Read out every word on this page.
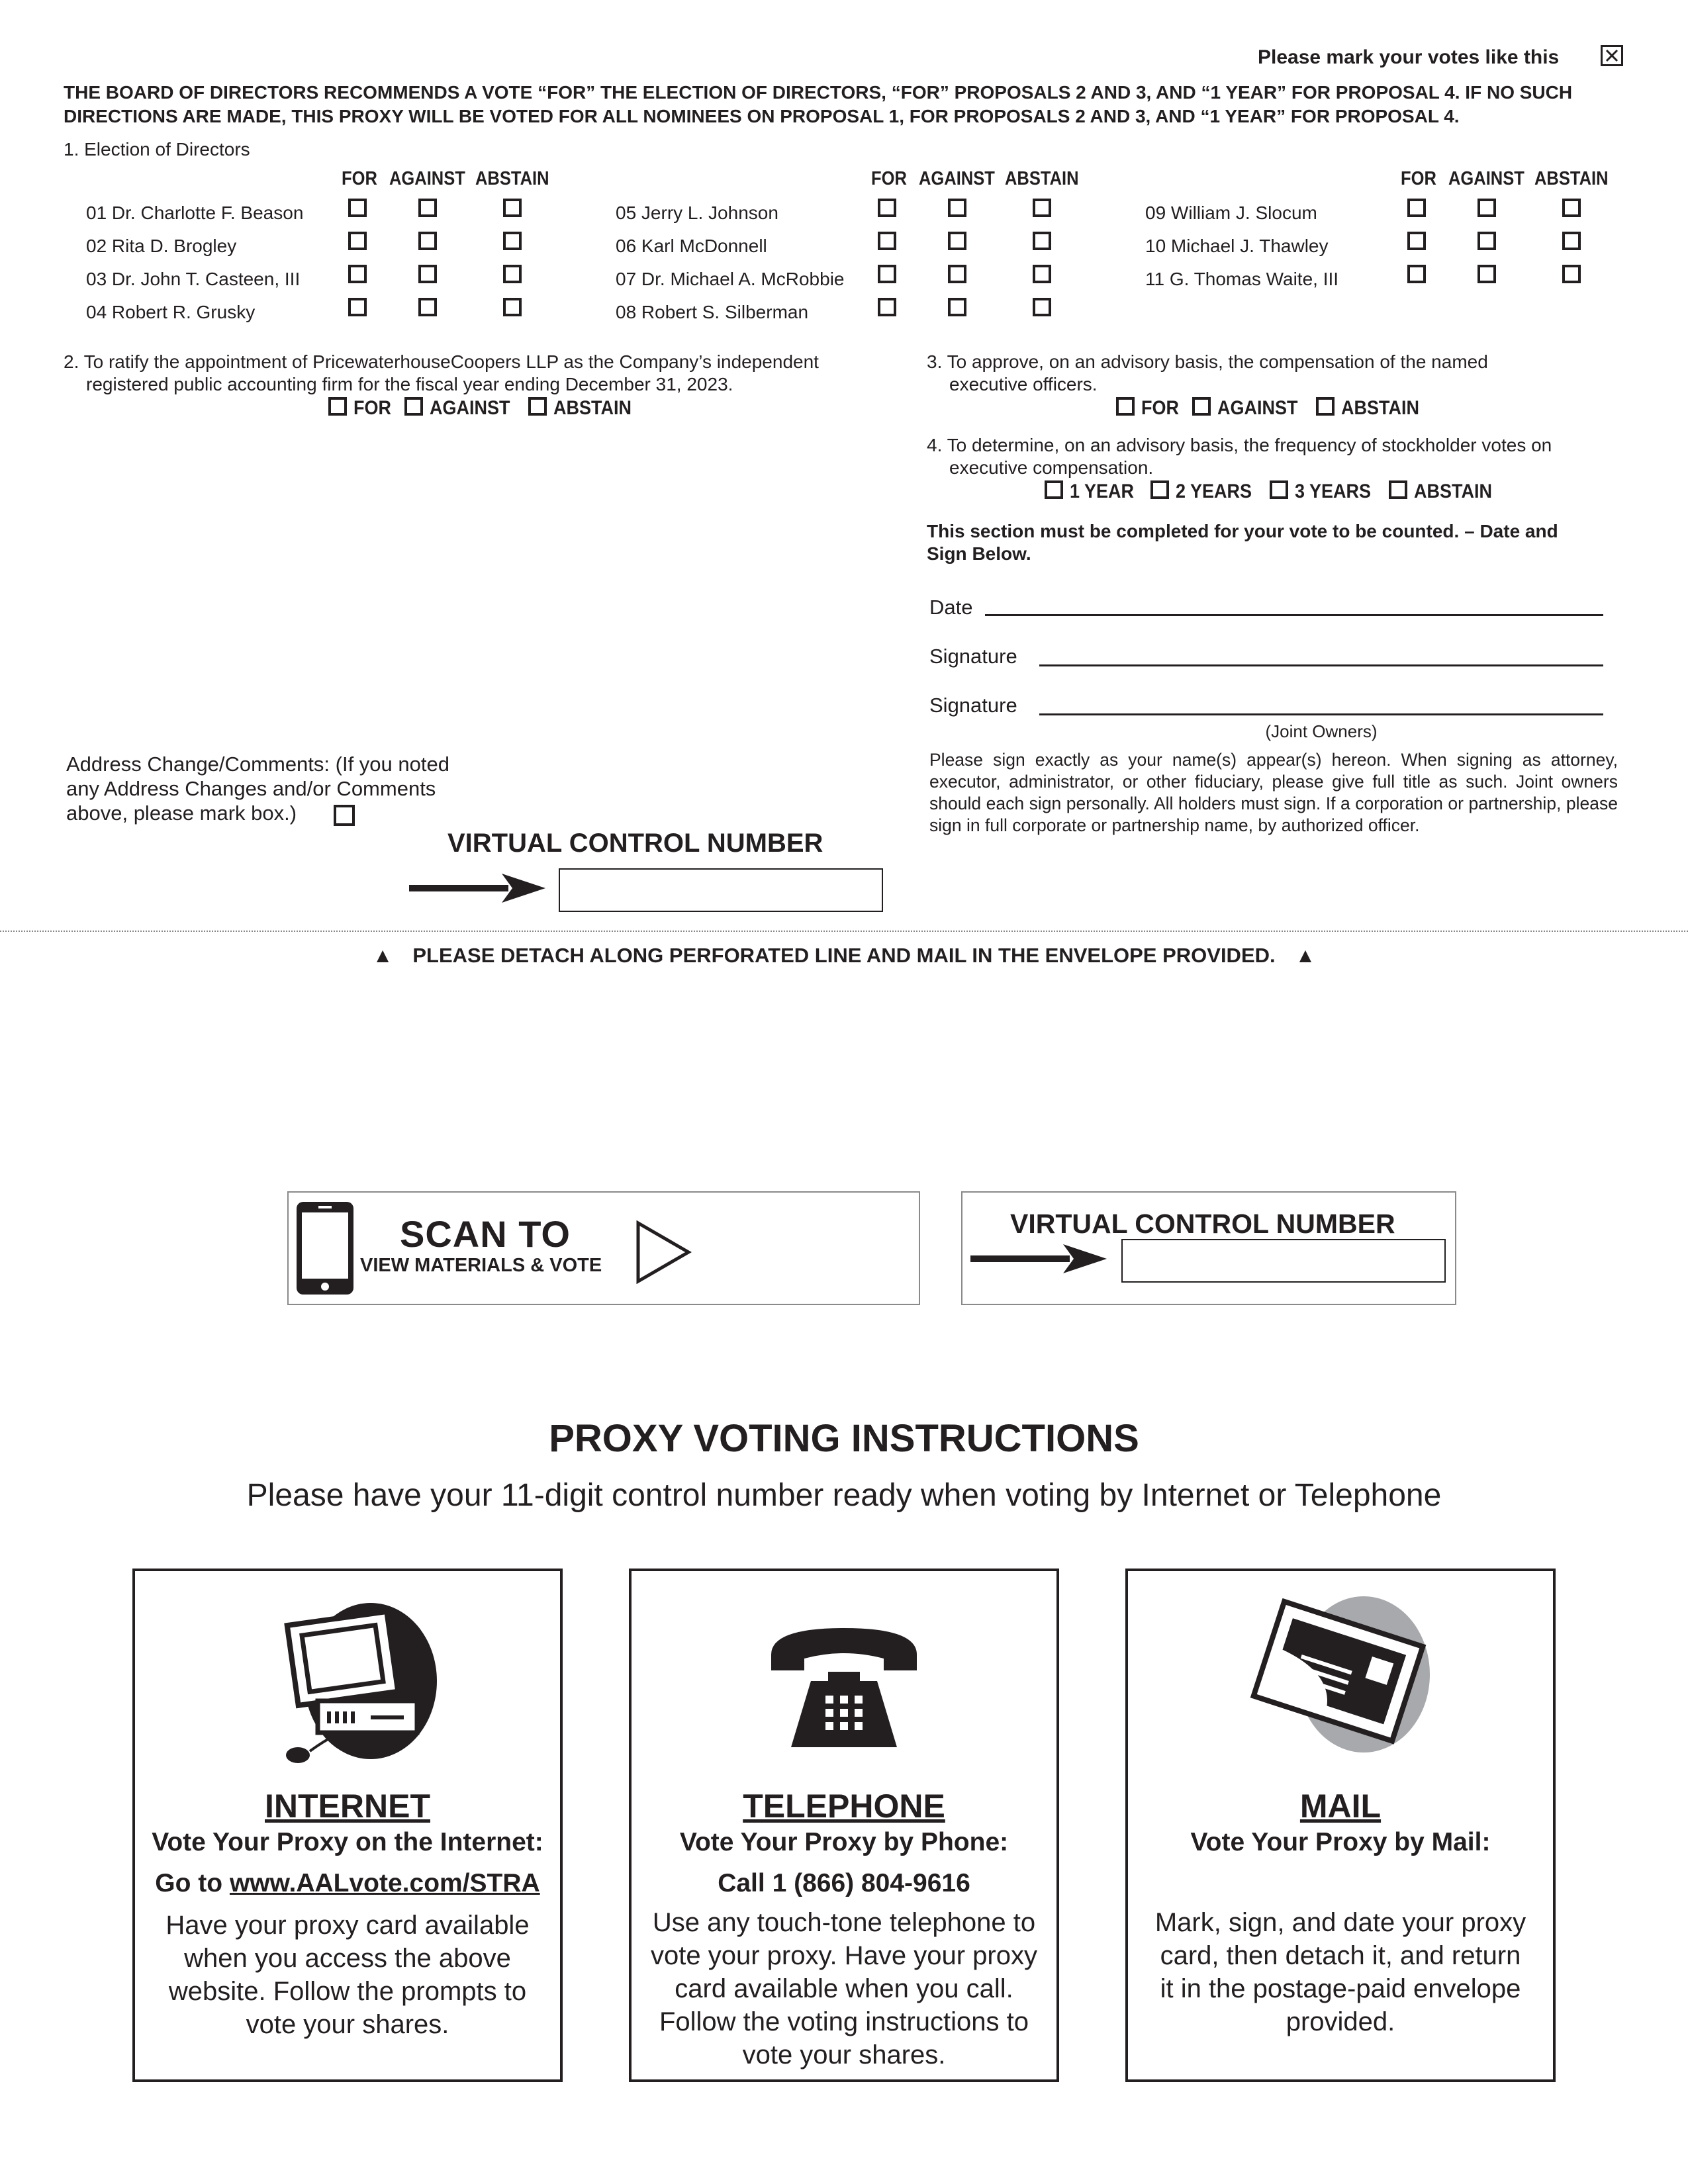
Please mark your votes like this
THE BOARD OF DIRECTORS RECOMMENDS A VOTE “FOR” THE ELECTION OF DIRECTORS, “FOR” PROPOSALS 2 AND 3, AND “1 YEAR” FOR PROPOSAL 4. IF NO SUCH DIRECTIONS ARE MADE, THIS PROXY WILL BE VOTED FOR ALL NOMINEES ON PROPOSAL 1, FOR PROPOSALS 2 AND 3, AND “1 YEAR” FOR PROPOSAL 4.
1. Election of Directors
FOR AGAINST ABSTAIN	FOR AGAINST ABSTAIN	FOR AGAINST ABSTAIN
01 Dr. Charlotte F. Beason
02 Rita D. Brogley
03 Dr. John T. Casteen, III
04 Robert R. Grusky
05 Jerry L. Johnson
06 Karl McDonnell
07 Dr. Michael A. McRobbie
08 Robert S. Silberman
09 William J. Slocum
10 Michael J. Thawley
11 G. Thomas Waite, III
2. To ratify the appointment of PricewaterhouseCoopers LLP as the Company’s independent
registered public accounting firm for the fiscal year ending December 31, 2023.
FOR AGAINST ABSTAIN
3. To approve, on an advisory basis, the compensation of the named
executive officers.
FOR AGAINST ABSTAIN
4. To determine, on an advisory basis, the frequency of stockholder votes on
executive compensation.
1 YEAR 2 YEARS 3 YEARS ABSTAIN
This section must be completed for your vote to be counted. – Date and
Sign Below.
Date
Signature
Signature
(Joint Owners)
Please sign exactly as your name(s) appear(s) hereon. When signing as attorney, executor, administrator, or other fiduciary, please give full title as such. Joint owners should each sign personally. All holders must sign. If a corporation or partnership, please sign in full corporate or partnership name, by authorized officer.
Address Change/Comments: (If you noted
any Address Changes and/or Comments
above, please mark box.)
VIRTUAL CONTROL NUMBER
▲ PLEASE DETACH ALONG PERFORATED LINE AND MAIL IN THE ENVELOPE PROVIDED. ▲
SCAN TO
VIEW MATERIALS & VOTE
VIRTUAL CONTROL NUMBER
PROXY VOTING INSTRUCTIONS
Please have your 11-digit control number ready when voting by Internet or Telephone
INTERNET
Vote Your Proxy on the Internet:
Go to www.AALvote.com/STRA
Have your proxy card available
when you access the above
website. Follow the prompts to
vote your shares.
TELEPHONE
Vote Your Proxy by Phone:
Call 1 (866) 804-9616
Use any touch-tone telephone to
vote your proxy. Have your proxy
card available when you call.
Follow the voting instructions to
vote your shares.
MAIL
Vote Your Proxy by Mail:
Mark, sign, and date your proxy
card, then detach it, and return
it in the postage-paid envelope
provided.
